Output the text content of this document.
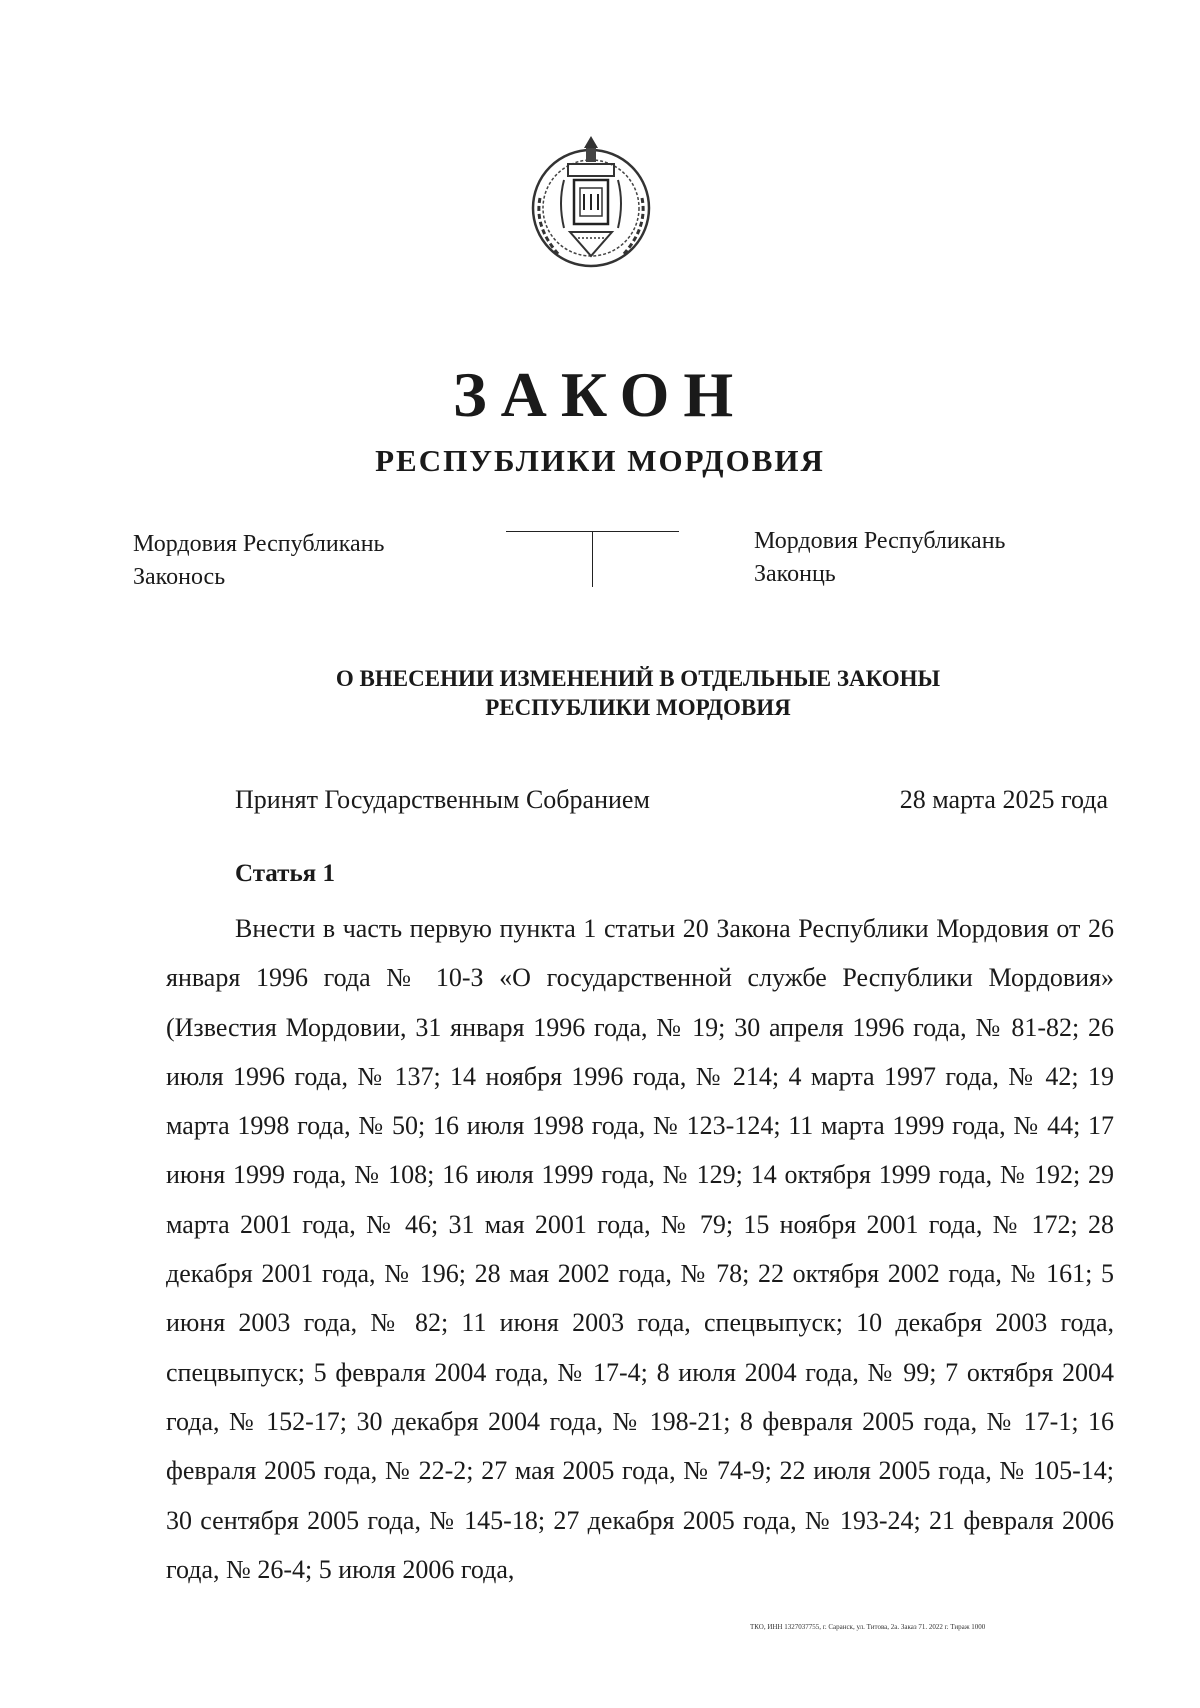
ЗАКОН
РЕСПУБЛИКИ МОРДОВИЯ
Мордовия Республикань
Законось
Мордовия Республикань
Законць
О ВНЕСЕНИИ ИЗМЕНЕНИЙ В ОТДЕЛЬНЫЕ ЗАКОНЫ
РЕСПУБЛИКИ МОРДОВИЯ
Принят Государственным Собранием	28 марта 2025 года
Статья 1

Внести в часть первую пункта 1 статьи 20 Закона Республики Мордовия от 26 января 1996 года № 10-З «О государственной службе Республики Мордовия» (Известия Мордовии, 31 января 1996 года, № 19; 30 апреля 1996 года, № 81-82; 26 июля 1996 года, № 137; 14 ноября 1996 года, № 214; 4 марта 1997 года, № 42; 19 марта 1998 года, № 50; 16 июля 1998 года, № 123-124; 11 марта 1999 года, № 44; 17 июня 1999 года, № 108; 16 июля 1999 года, № 129; 14 октября 1999 года, № 192; 29 марта 2001 года, № 46; 31 мая 2001 года, № 79; 15 ноября 2001 года, № 172; 28 декабря 2001 года, № 196; 28 мая 2002 года, № 78; 22 октября 2002 года, № 161; 5 июня 2003 года, № 82; 11 июня 2003 года, спецвыпуск; 10 декабря 2003 года, спецвыпуск; 5 февраля 2004 года, № 17-4; 8 июля 2004 года, № 99; 7 октября 2004 года, № 152-17; 30 декабря 2004 года, № 198-21; 8 февраля 2005 года, № 17-1; 16 февраля 2005 года, № 22-2; 27 мая 2005 года, № 74-9; 22 июля 2005 года, № 105-14; 30 сентября 2005 года, № 145-18; 27 декабря 2005 года, № 193-24; 21 февраля 2006 года, № 26-4; 5 июля 2006 года,

ТКО, ИНН 1327037755, г. Саранск, ул. Титова, 2а. Заказ 71. 2022 г. Тираж 1000
